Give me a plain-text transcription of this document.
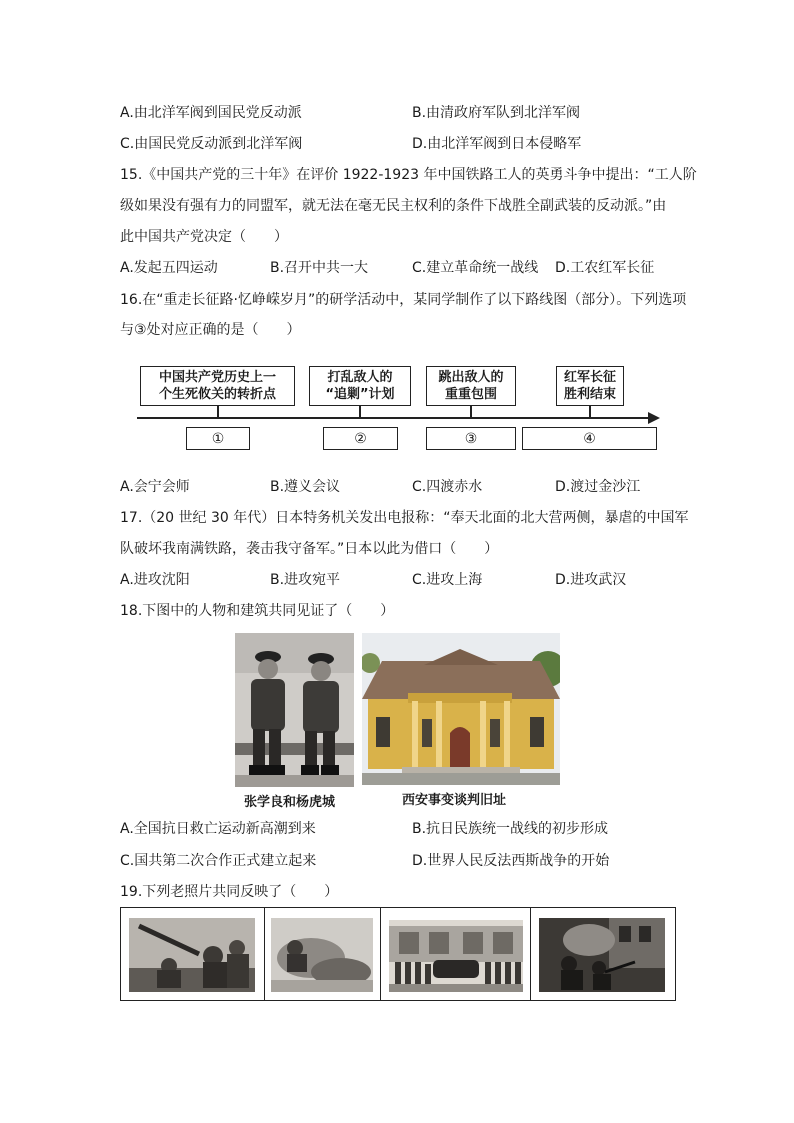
A.由北洋军阀到国民党反动派	B.由清政府军队到北洋军阀
C.由国民党反动派到北洋军阀	D.由北洋军阀到日本侵略军
15.《中国共产党的三十年》在评价 1922-1923 年中国铁路工人的英勇斗争中提出：“工人阶
级如果没有强有力的同盟军，就无法在毫无民主权利的条件下战胜全副武装的反动派。”由
此中国共产党决定（　　）
A.发起五四运动	B.召开中共一大	C.建立革命统一战线 D.工农红军长征
16.在“重走长征路·忆峥嵘岁月”的研学活动中，某同学制作了以下路线图（部分）。下列选项
与③处对应正确的是（　　）
中国共产党历史上一
个生死攸关的转折点
打乱敌人的
“追剿”计划
跳出敌人的
重重包围
红军长征
胜利结束
①	②	③	④
A.会宁会师	B.遵义会议	C.四渡赤水	D.渡过金沙江
17.（20 世纪 30 年代）日本特务机关发出电报称：“奉天北面的北大营两侧，暴虐的中国军
队破坏我南满铁路，袭击我守备军。”日本以此为借口（　　）
A.进攻沈阳	B.进攻宛平	C.进攻上海	D.进攻武汉
18.下图中的人物和建筑共同见证了（　　）
张学良和杨虎城	西安事变谈判旧址
A.全国抗日救亡运动新高潮到来	B.抗日民族统一战线的初步形成
C.国共第二次合作正式建立起来	D.世界人民反法西斯战争的开始
19.下列老照片共同反映了（　　）
